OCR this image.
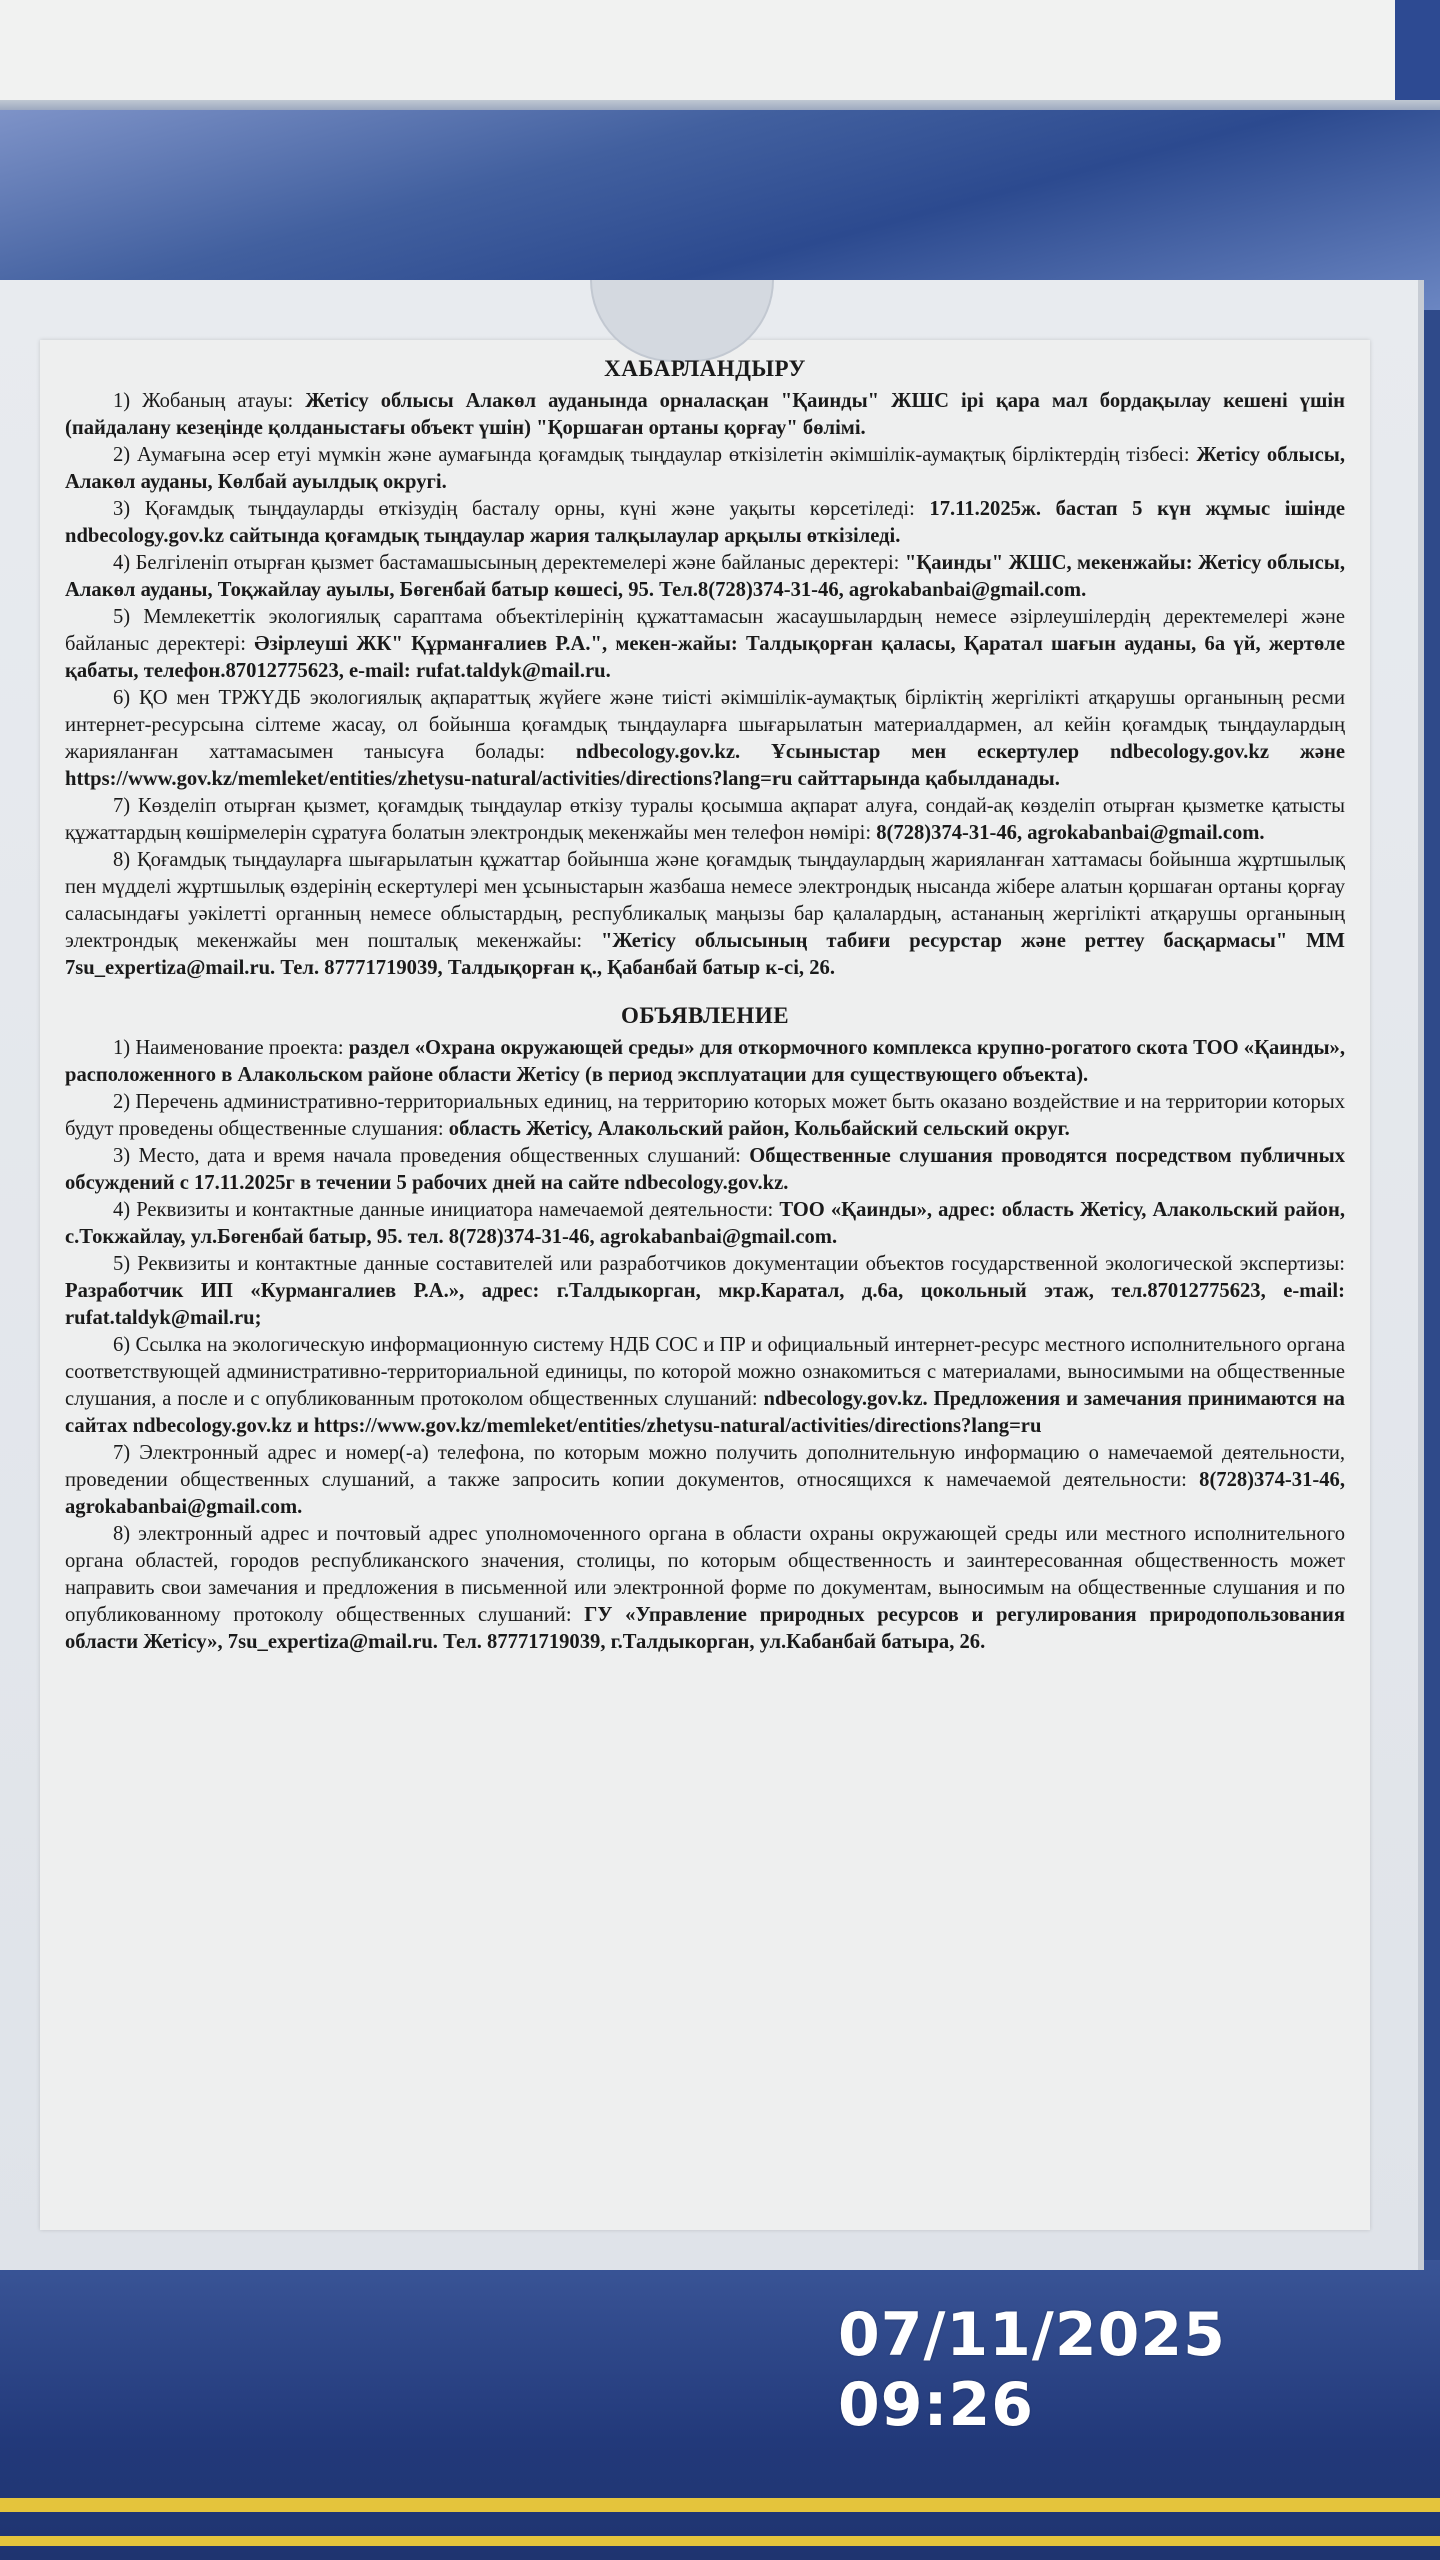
ХАБАРЛАНДЫРУ

1) Жобаның атауы: Жетісу облысы Алакөл ауданында орналасқан "Қаинды" ЖШС ірі қара мал бордақылау кешені үшін (пайдалану кезеңінде қолданыстағы объект үшін) "Қоршаған ортаны қорғау" бөлімі.

2) Аумағына әсер етуі мүмкін және аумағында қоғамдық тыңдаулар өткізілетін әкімшілік-аумақтық бірліктердің тізбесі: Жетісу облысы, Алакөл ауданы, Көлбай ауылдық округі.

3) Қоғамдық тыңдауларды өткізудің басталу орны, күні және уақыты көрсетіледі: 17.11.2025ж. бастап 5 күн жұмыс ішінде ndbecology.gov.kz сайтында қоғамдық тыңдаулар жария талқылаулар арқылы өткізіледі.

4) Белгіленіп отырған қызмет бастамашысының деректемелері және байланыс деректері: "Қаинды" ЖШС, мекенжайы: Жетісу облысы, Алакөл ауданы, Тоқжайлау ауылы, Бөгенбай батыр көшесі, 95. Тел.8(728)374-31-46, agrokabanbai@gmail.com.

5) Мемлекеттік экологиялық сараптама объектілерінің құжаттамасын жасаушылардың немесе әзірлеушілердің деректемелері және байланыс деректері: Әзірлеуші ЖК" Құрманғалиев Р.А.", мекен-жайы: Талдықорған қаласы, Қаратал шағын ауданы, 6а үй, жертөле қабаты, телефон.87012775623, e-mail: rufat.taldyk@mail.ru.

6) ҚО мен ТРЖҮДБ экологиялық ақпараттық жүйеге және тиісті әкімшілік-аумақтық бірліктің жергілікті атқарушы органының ресми интернет-ресурсына сілтеме жасау, ол бойынша қоғамдық тыңдауларға шығарылатын материалдармен, ал кейін қоғамдық тыңдаулардың жарияланған хаттамасымен танысуға болады: ndbecology.gov.kz. Ұсыныстар мен ескертулер ndbecology.gov.kz және https://www.gov.kz/memleket/entities/zhetysu-natural/activities/directions?lang=ru сайттарында қабылданады.

7) Көзделіп отырған қызмет, қоғамдық тыңдаулар өткізу туралы қосымша ақпарат алуға, сондай-ақ көзделіп отырған қызметке қатысты құжаттардың көшірмелерін сұратуға болатын электрондық мекенжайы мен телефон нөмірі: 8(728)374-31-46, agrokabanbai@gmail.com.

8) Қоғамдық тыңдауларға шығарылатын құжаттар бойынша және қоғамдық тыңдаулардың жарияланған хаттамасы бойынша жұртшылық пен мүдделі жұртшылық өздерінің ескертулері мен ұсыныстарын жазбаша немесе электрондық нысанда жібере алатын қоршаған ортаны қорғау саласындағы уәкілетті органның немесе облыстардың, республикалық маңызы бар қалалардың, астананың жергілікті атқарушы органының электрондық мекенжайы мен пошталық мекенжайы: "Жетісу облысының табиғи ресурстар және реттеу басқармасы" ММ 7su_expertiza@mail.ru. Тел. 87771719039, Талдықорған қ., Қабанбай батыр к-сі, 26.

ОБЪЯВЛЕНИЕ

1) Наименование проекта: раздел «Охрана окружающей среды» для откормочного комплекса крупно-рогатого скота ТОО «Қаинды», расположенного в Алакольском районе области Жетісу (в период эксплуатации для существующего объекта).

2) Перечень административно-территориальных единиц, на территорию которых может быть оказано воздействие и на территории которых будут проведены общественные слушания: область Жетісу, Алакольский район, Кольбайский сельский округ.

3) Место, дата и время начала проведения общественных слушаний: Общественные слушания проводятся посредством публичных обсуждений с 17.11.2025г в течении 5 рабочих дней на сайте ndbecology.gov.kz.

4) Реквизиты и контактные данные инициатора намечаемой деятельности: ТОО «Қаинды», адрес: область Жетісу, Алакольский район, с.Токжайлау, ул.Бөгенбай батыр, 95. тел. 8(728)374-31-46, agrokabanbai@gmail.com.

5) Реквизиты и контактные данные составителей или разработчиков документации объектов государственной экологической экспертизы: Разработчик ИП «Курмангалиев Р.А.», адрес: г.Талдыкорган, мкр.Каратал, д.6а, цокольный этаж, тел.87012775623, e-mail: rufat.taldyk@mail.ru;

6) Ссылка на экологическую информационную систему НДБ СОС и ПР и официальный интернет-ресурс местного исполнительного органа соответствующей административно-территориальной единицы, по которой можно ознакомиться с материалами, выносимыми на общественные слушания, а после и с опубликованным протоколом общественных слушаний: ndbecology.gov.kz. Предложения и замечания принимаются на сайтах ndbecology.gov.kz и https://www.gov.kz/memleket/entities/zhetysu-natural/activities/directions?lang=ru

7) Электронный адрес и номер(-а) телефона, по которым можно получить дополнительную информацию о намечаемой деятельности, проведении общественных слушаний, а также запросить копии документов, относящихся к намечаемой деятельности: 8(728)374-31-46, agrokabanbai@gmail.com.

8) электронный адрес и почтовый адрес уполномоченного органа в области охраны окружающей среды или местного исполнительного органа областей, городов республиканского значения, столицы, по которым общественность и заинтересованная общественность может направить свои замечания и предложения в письменной или электронной форме по документам, выносимым на общественные слушания и по опубликованному протоколу общественных слушаний: ГУ «Управление природных ресурсов и регулирования природопользования области Жетісу», 7su_expertiza@mail.ru. Тел. 87771719039, г.Талдыкорган, ул.Кабанбай батыра, 26.

07/11/2025 09:26
